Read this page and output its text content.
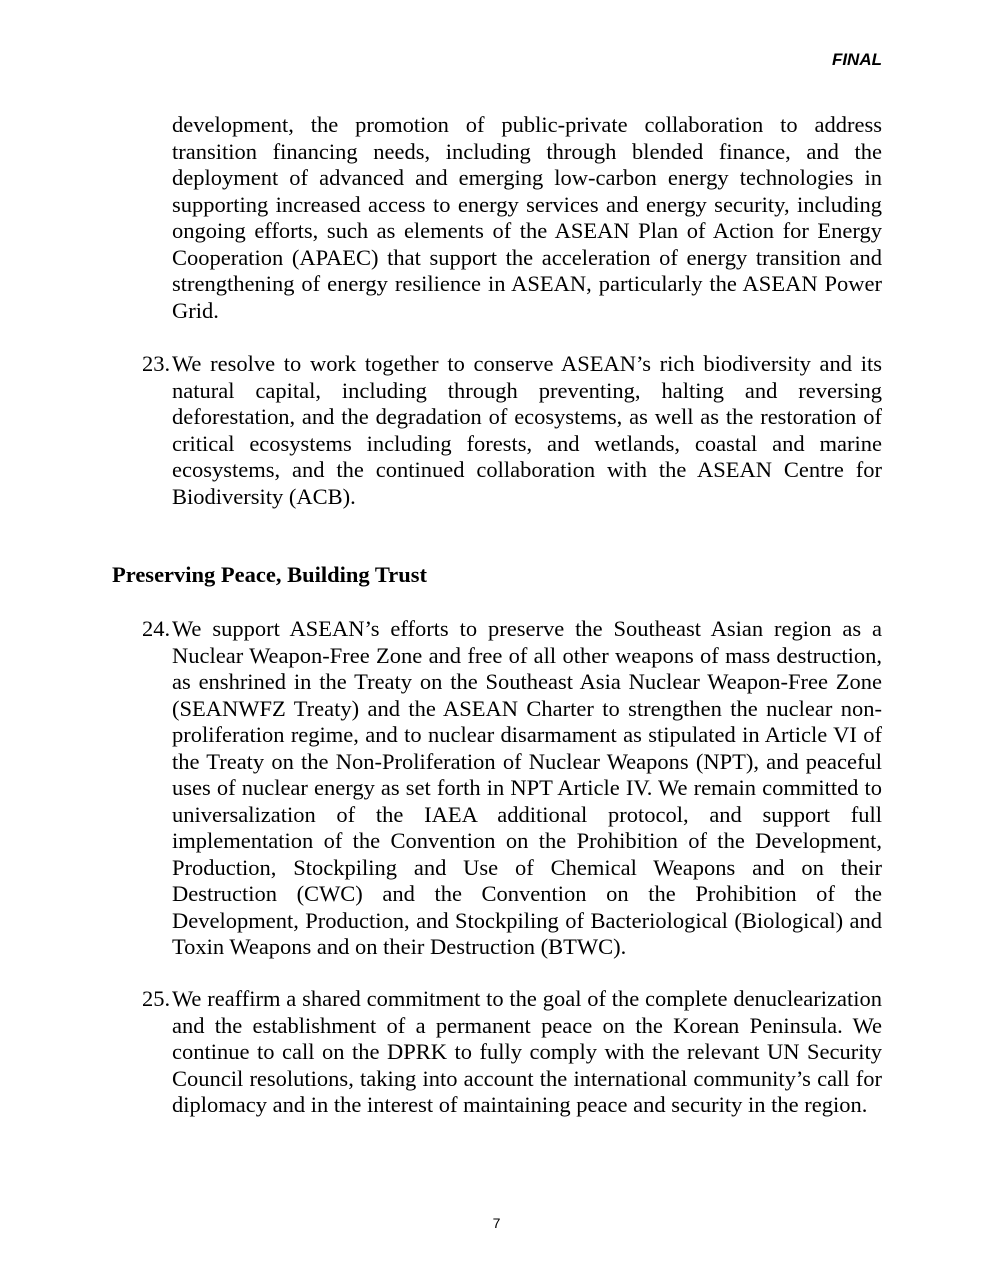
FINAL

development, the promotion of public-private collaboration to address transition financing needs, including through blended finance, and the deployment of advanced and emerging low-carbon energy technologies in supporting increased access to energy services and energy security, including ongoing efforts, such as elements of the ASEAN Plan of Action for Energy Cooperation (APAEC) that support the acceleration of energy transition and strengthening of energy resilience in ASEAN, particularly the ASEAN Power Grid.

23. We resolve to work together to conserve ASEAN’s rich biodiversity and its natural capital, including through preventing, halting and reversing deforestation, and the degradation of ecosystems, as well as the restoration of critical ecosystems including forests, and wetlands, coastal and marine ecosystems, and the continued collaboration with the ASEAN Centre for Biodiversity (ACB).
Preserving Peace, Building Trust
24. We support ASEAN’s efforts to preserve the Southeast Asian region as a Nuclear Weapon-Free Zone and free of all other weapons of mass destruction, as enshrined in the Treaty on the Southeast Asia Nuclear Weapon-Free Zone (SEANWFZ Treaty) and the ASEAN Charter to strengthen the nuclear non-proliferation regime, and to nuclear disarmament as stipulated in Article VI of the Treaty on the Non-Proliferation of Nuclear Weapons (NPT), and peaceful uses of nuclear energy as set forth in NPT Article IV. We remain committed to universalization of the IAEA additional protocol, and support full implementation of the Convention on the Prohibition of the Development, Production, Stockpiling and Use of Chemical Weapons and on their Destruction (CWC) and the Convention on the Prohibition of the Development, Production, and Stockpiling of Bacteriological (Biological) and Toxin Weapons and on their Destruction (BTWC).
25. We reaffirm a shared commitment to the goal of the complete denuclearization and the establishment of a permanent peace on the Korean Peninsula. We continue to call on the DPRK to fully comply with the relevant UN Security Council resolutions, taking into account the international community’s call for diplomacy and in the interest of maintaining peace and security in the region.
7
